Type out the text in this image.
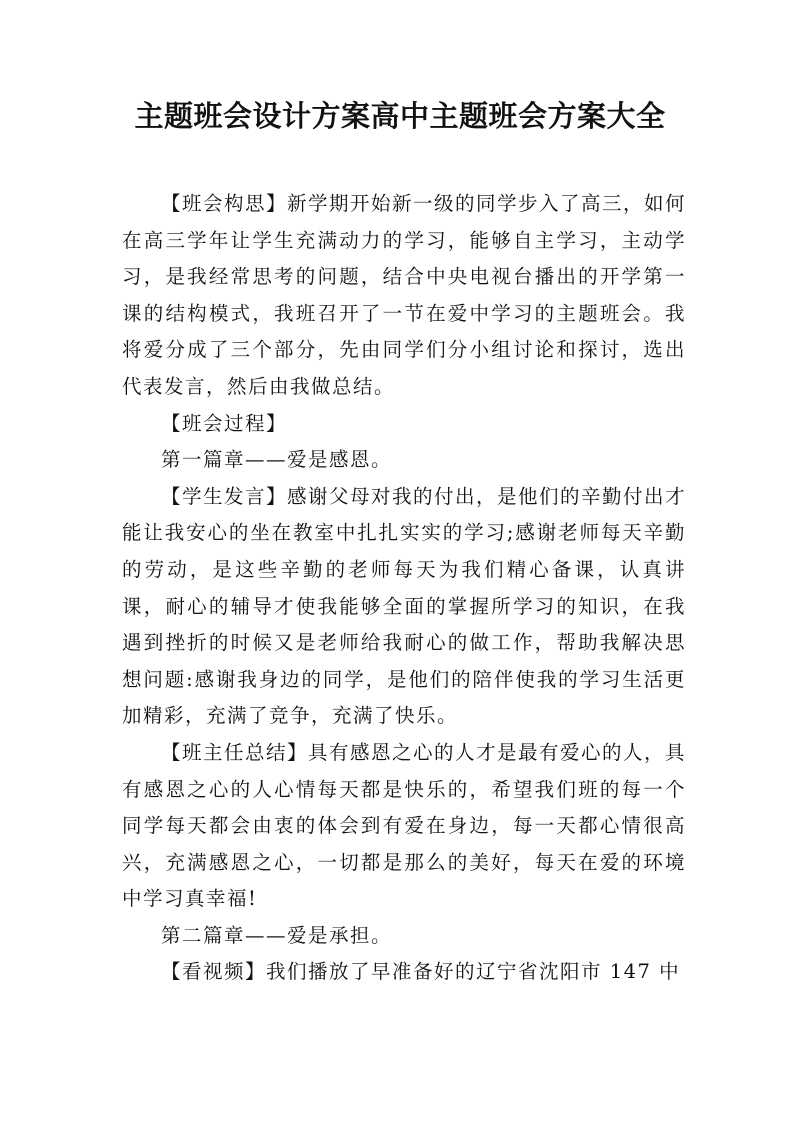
主题班会设计方案高中主题班会方案大全

【班会构思】新学期开始新一级的同学步入了高三，如何在高三学年让学生充满动力的学习，能够自主学习，主动学习，是我经常思考的问题，结合中央电视台播出的开学第一课的结构模式，我班召开了一节在爱中学习的主题班会。我将爱分成了三个部分，先由同学们分小组讨论和探讨，选出代表发言，然后由我做总结。

【班会过程】

第一篇章——爱是感恩。

【学生发言】感谢父母对我的付出，是他们的辛勤付出才能让我安心的坐在教室中扎扎实实的学习;感谢老师每天辛勤的劳动，是这些辛勤的老师每天为我们精心备课，认真讲课，耐心的辅导才使我能够全面的掌握所学习的知识，在我遇到挫折的时候又是老师给我耐心的做工作，帮助我解决思想问题:感谢我身边的同学，是他们的陪伴使我的学习生活更加精彩，充满了竞争，充满了快乐。

【班主任总结】具有感恩之心的人才是最有爱心的人，具有感恩之心的人心情每天都是快乐的，希望我们班的每一个同学每天都会由衷的体会到有爱在身边，每一天都心情很高兴，充满感恩之心，一切都是那么的美好，每天在爱的环境中学习真幸福!

第二篇章——爱是承担。

【看视频】我们播放了早准备好的辽宁省沈阳市 147 中
